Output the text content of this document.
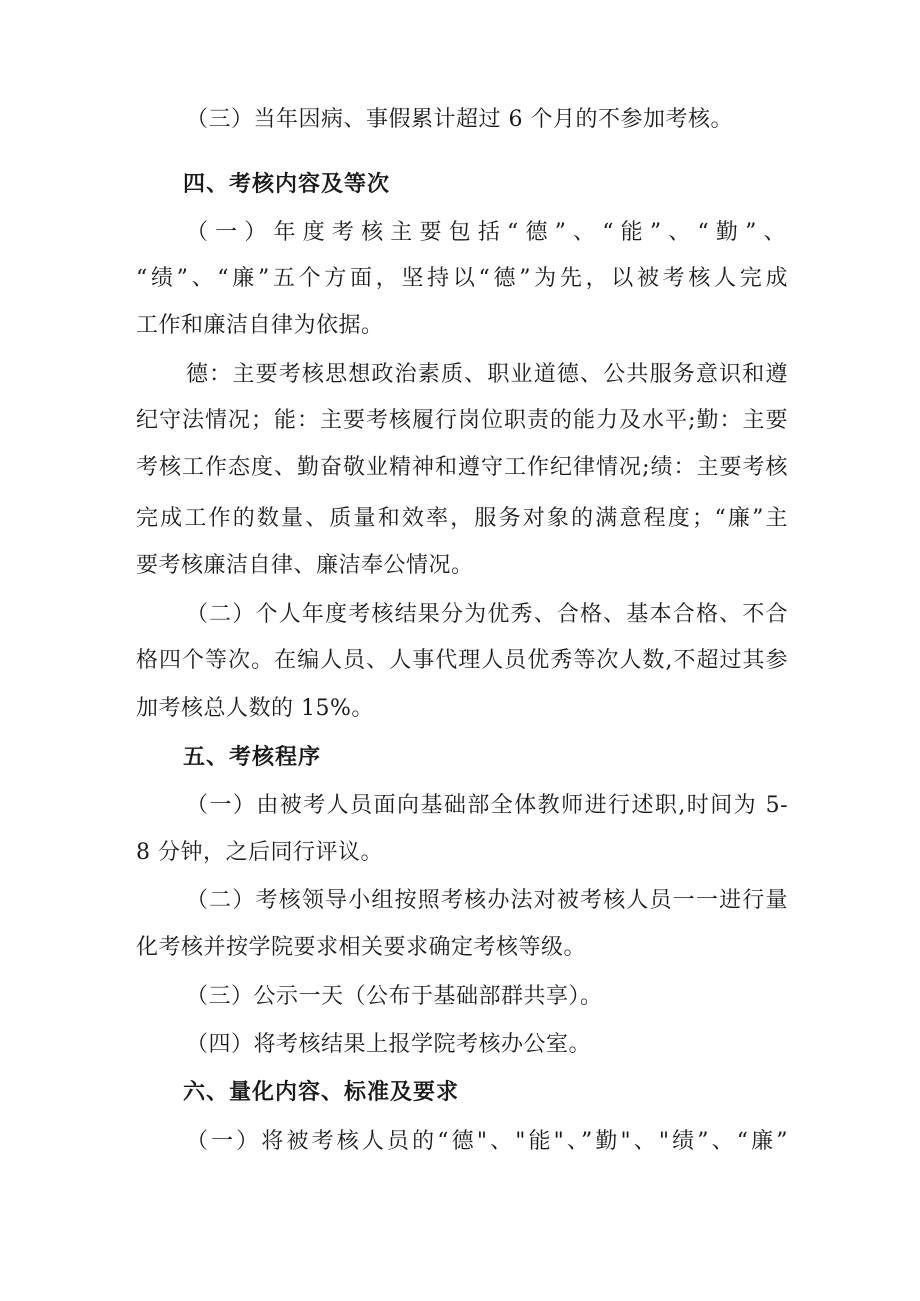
（三）当年因病、事假累计超过 6 个月的不参加考核。
四、考核内容及等次
（一）年度考核主要包括“德”、“能”、“勤”、
“绩”、“廉”五个方面，坚持以“德”为先，以被考核人完成
工作和廉洁自律为依据。
德：主要考核思想政治素质、职业道德、公共服务意识和遵
纪守法情况；能：主要考核履行岗位职责的能力及水平;勤：主要
考核工作态度、勤奋敬业精神和遵守工作纪律情况;绩：主要考核
完成工作的数量、质量和效率，服务对象的满意程度；“廉”主
要考核廉洁自律、廉洁奉公情况。
（二）个人年度考核结果分为优秀、合格、基本合格、不合
格四个等次。在编人员、人事代理人员优秀等次人数,不超过其参
加考核总人数的 15%。
五、考核程序
（一）由被考人员面向基础部全体教师进行述职,时间为 5-
8 分钟，之后同行评议。
（二）考核领导小组按照考核办法对被考核人员一一进行量
化考核并按学院要求相关要求确定考核等级。
（三）公示一天（公布于基础部群共享）。
（四）将考核结果上报学院考核办公室。
六、量化内容、标准及要求
（一）将被考核人员的“德"、"能"、”勤"、"绩”、“廉”
